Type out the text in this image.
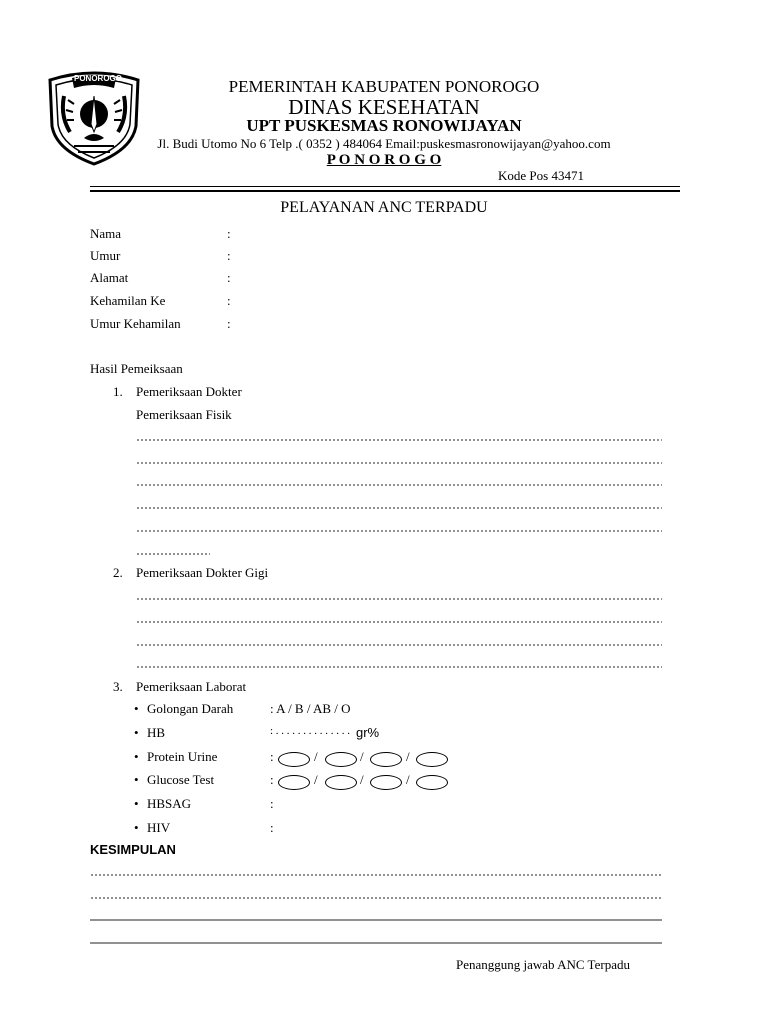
PONOROGO	PEMERINTAH KABUPATEN PONOROGO
DINAS KESEHATAN
UPT PUSKESMAS RONOWIJAYAN
Jl. Budi Utomo No 6 Telp .( 0352 ) 484064 Email:puskesmasronowijayan@yahoo.com
P O N O R O G O
Kode Pos 43471
PELAYANAN ANC TERPADU
Nama	:
Umur	:
Alamat	:
Kehamilan Ke	:
Umur Kehamilan	:
Hasil Pemeiksaan
1. Pemeriksaan Dokter
Pemeriksaan Fisik
2. Pemeriksaan Dokter Gigi
3. Pemeriksaan Laborat
• Golongan Darah	: A / B / AB / O
• HB	: . . . . . . . . . . . . . . gr%
• Protein Urine	:	/	/	/
• Glucose Test	:	/	/	/
• HBSAG	:
• HIV	:
KESIMPULAN
Penanggung jawab ANC Terpadu
